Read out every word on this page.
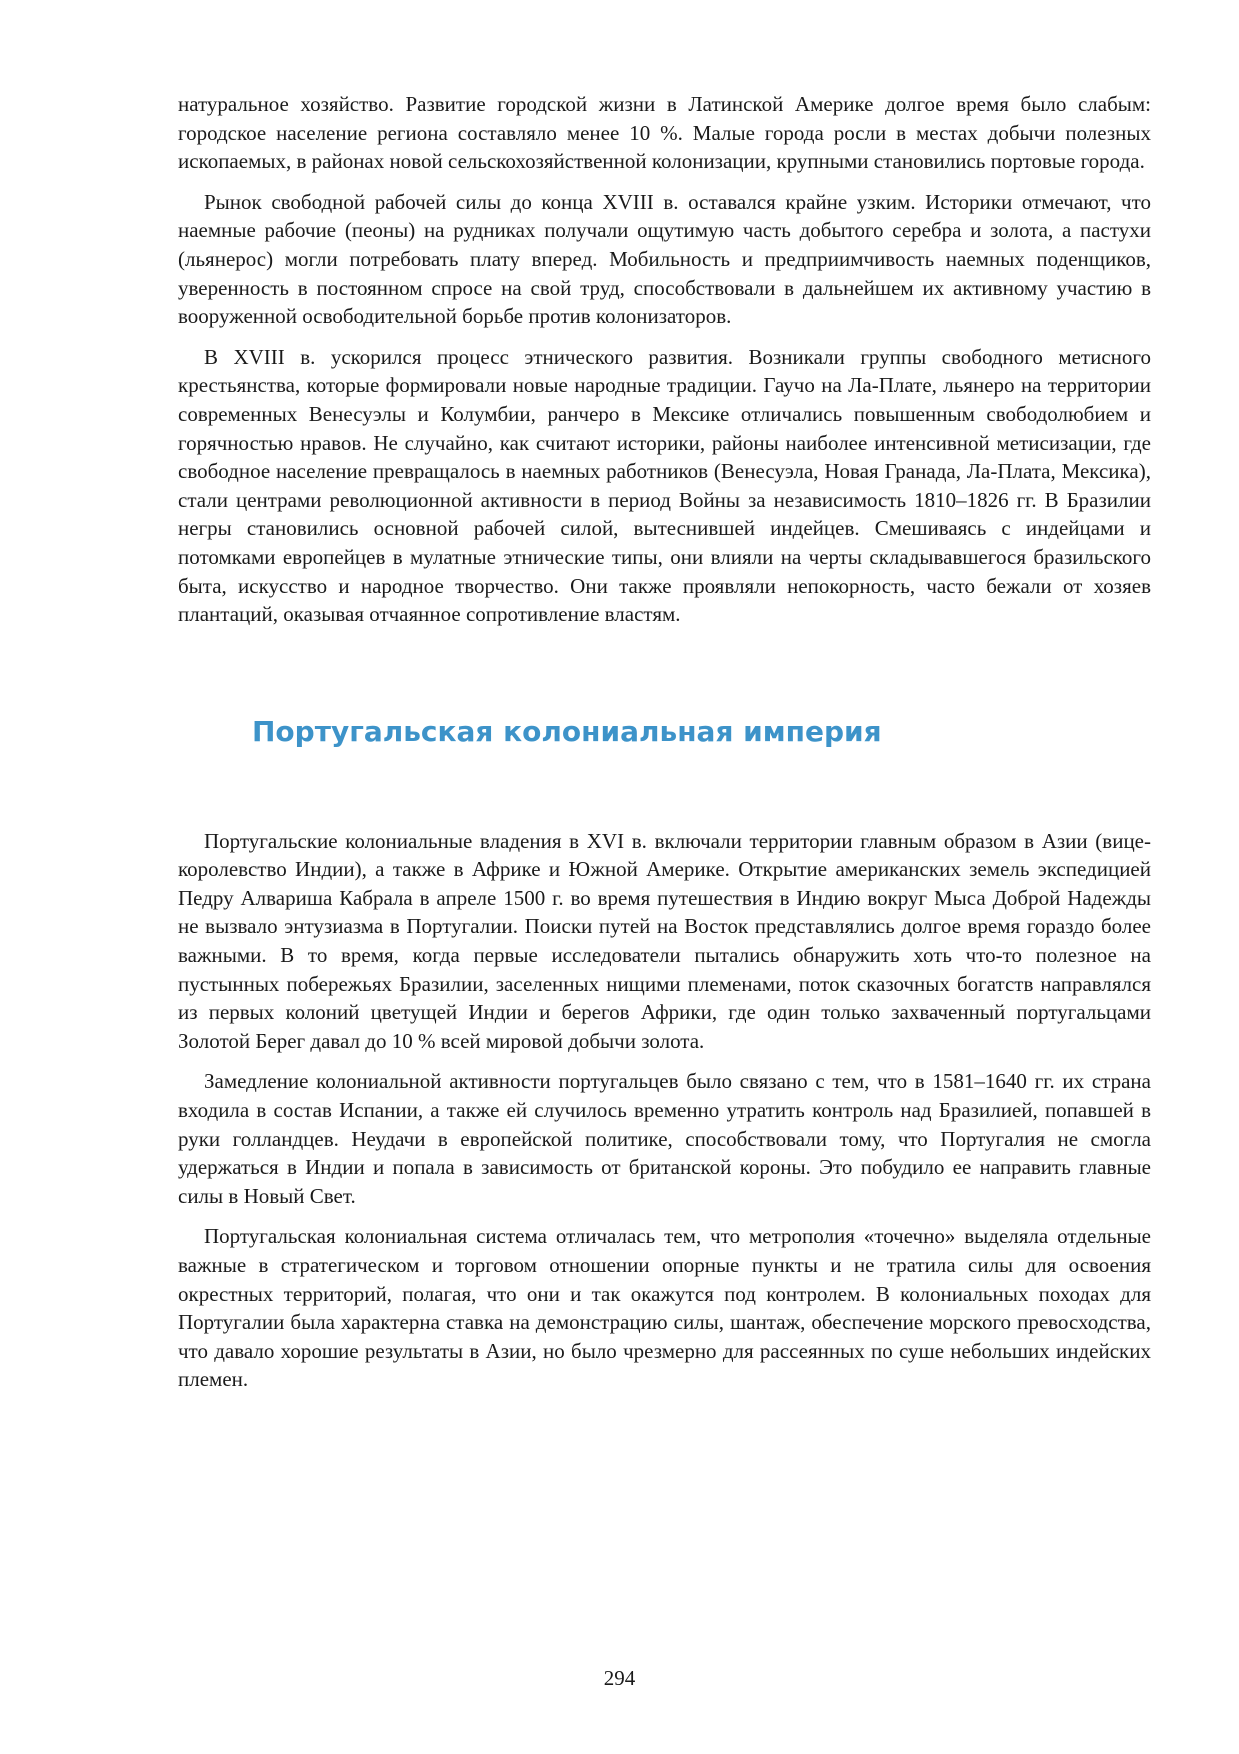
натуральное хозяйство. Развитие городской жизни в Латинской Америке долгое время было слабым: городское население региона составляло менее 10 %. Малые города росли в местах добычи полезных ископаемых, в районах новой сельскохозяйственной колонизации, крупными становились портовые города.

Рынок свободной рабочей силы до конца XVIII в. оставался крайне узким. Историки отмечают, что наемные рабочие (пеоны) на рудниках получали ощутимую часть добытого серебра и золота, а пастухи (льянерос) могли потребовать плату вперед. Мобильность и предприимчивость наемных поденщиков, уверенность в постоянном спросе на свой труд, способствовали в дальнейшем их активному участию в вооруженной освободительной борьбе против колонизаторов.

В XVIII в. ускорился процесс этнического развития. Возникали группы свободного метисного крестьянства, которые формировали новые народные традиции. Гаучо на Ла-Плате, льянеро на территории современных Венесуэлы и Колумбии, ранчеро в Мексике отличались повышенным свободолюбием и горячностью нравов. Не случайно, как считают историки, районы наиболее интенсивной метисизации, где свободное население превращалось в наемных работников (Венесуэла, Новая Гранада, Ла-Плата, Мексика), стали центрами революционной активности в период Войны за независимость 1810–1826 гг. В Бразилии негры становились основной рабочей силой, вытеснившей индейцев. Смешиваясь с индейцами и потомками европейцев в мулатные этнические типы, они влияли на черты складывавшегося бразильского быта, искусство и народное творчество. Они также проявляли непокорность, часто бежали от хозяев плантаций, оказывая отчаянное сопротивление властям.

Португальская колониальная империя

Португальские колониальные владения в XVI в. включали территории главным образом в Азии (вице-королевство Индии), а также в Африке и Южной Америке. Открытие американских земель экспедицией Педру Алвариша Кабрала в апреле 1500 г. во время путешествия в Индию вокруг Мыса Доброй Надежды не вызвало энтузиазма в Португалии. Поиски путей на Восток представлялись долгое время гораздо более важными. В то время, когда первые исследователи пытались обнаружить хоть что-то полезное на пустынных побережьях Бразилии, заселенных нищими племенами, поток сказочных богатств направлялся из первых колоний цветущей Индии и берегов Африки, где один только захваченный португальцами Золотой Берег давал до 10 % всей мировой добычи золота.

Замедление колониальной активности португальцев было связано с тем, что в 1581–1640 гг. их страна входила в состав Испании, а также ей случилось временно утратить контроль над Бразилией, попавшей в руки голландцев. Неудачи в европейской политике, способствовали тому, что Португалия не смогла удержаться в Индии и попала в зависимость от британской короны. Это побудило ее направить главные силы в Новый Свет.

Португальская колониальная система отличалась тем, что метрополия «точечно» выделяла отдельные важные в стратегическом и торговом отношении опорные пункты и не тратила силы для освоения окрестных территорий, полагая, что они и так окажутся под контролем. В колониальных походах для Португалии была характерна ставка на демонстрацию силы, шантаж, обеспечение морского превосходства, что давало хорошие результаты в Азии, но было чрезмерно для рассеянных по суше небольших индейских племен.

294
